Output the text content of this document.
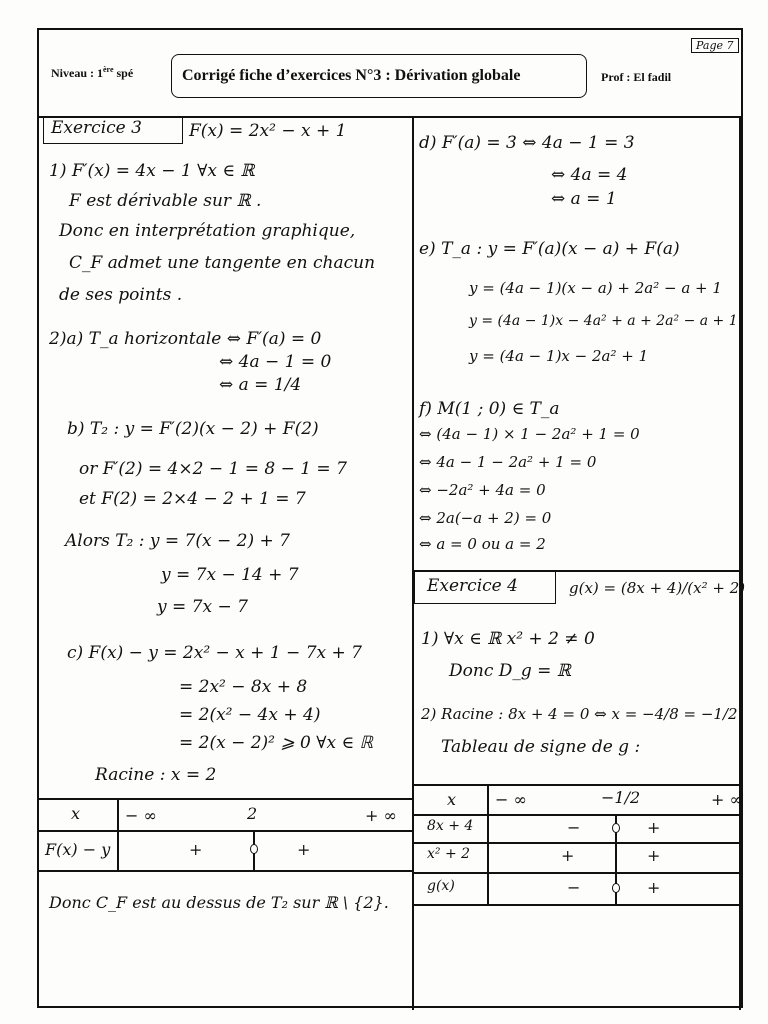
Niveau : 1ère spé	Corrigé fiche d’exercices N°3 : Dérivation globale	Prof : El fadil
Page 7
Exercice 3	F(x) = 2x² − x + 1
1) F′(x) = 4x − 1 ∀x ∈ ℝ
F est dérivable sur ℝ .
Donc en interprétation graphique,
C_F admet une tangente en chacun
de ses points .
2)a) T_a horizontale ⇔ F′(a) = 0
⇔ 4a − 1 = 0
⇔ a = 1/4
b) T₂ : y = F′(2)(x − 2) + F(2)
or F′(2) = 4×2 − 1 = 8 − 1 = 7
et F(2) = 2×4 − 2 + 1 = 7
Alors T₂ : y = 7(x − 2) + 7
y = 7x − 14 + 7
y = 7x − 7
c) F(x) − y = 2x² − x + 1 − 7x + 7
= 2x² − 8x + 8
= 2(x² − 4x + 4)
= 2(x − 2)² ⩾ 0 ∀x ∈ ℝ
Racine : x = 2
x	− ∞	2	+ ∞
F(x) − y	+	+
Donc C_F est au dessus de T₂ sur ℝ \ {2}.
d) F′(a) = 3 ⇔ 4a − 1 = 3
⇔ 4a = 4
⇔ a = 1
e) T_a : y = F′(a)(x − a) + F(a)
y = (4a − 1)(x − a) + 2a² − a + 1
y = (4a − 1)x − 4a² + a + 2a² − a + 1
y = (4a − 1)x − 2a² + 1
f) M(1 ; 0) ∈ T_a
⇔ (4a − 1) × 1 − 2a² + 1 = 0
⇔ 4a − 1 − 2a² + 1 = 0
⇔ −2a² + 4a = 0
⇔ 2a(−a + 2) = 0
⇔ a = 0 ou a = 2
Exercice 4	g(x) = (8x + 4)/(x² + 2)
1) ∀x ∈ ℝ x² + 2 ≠ 0
Donc D_g = ℝ
2) Racine : 8x + 4 = 0 ⇔ x = −4/8 = −1/2
Tableau de signe de g :
x − ∞	−1/2	+ ∞
8x + 4	−	+
x² + 2	+	+
g(x)	−	+
